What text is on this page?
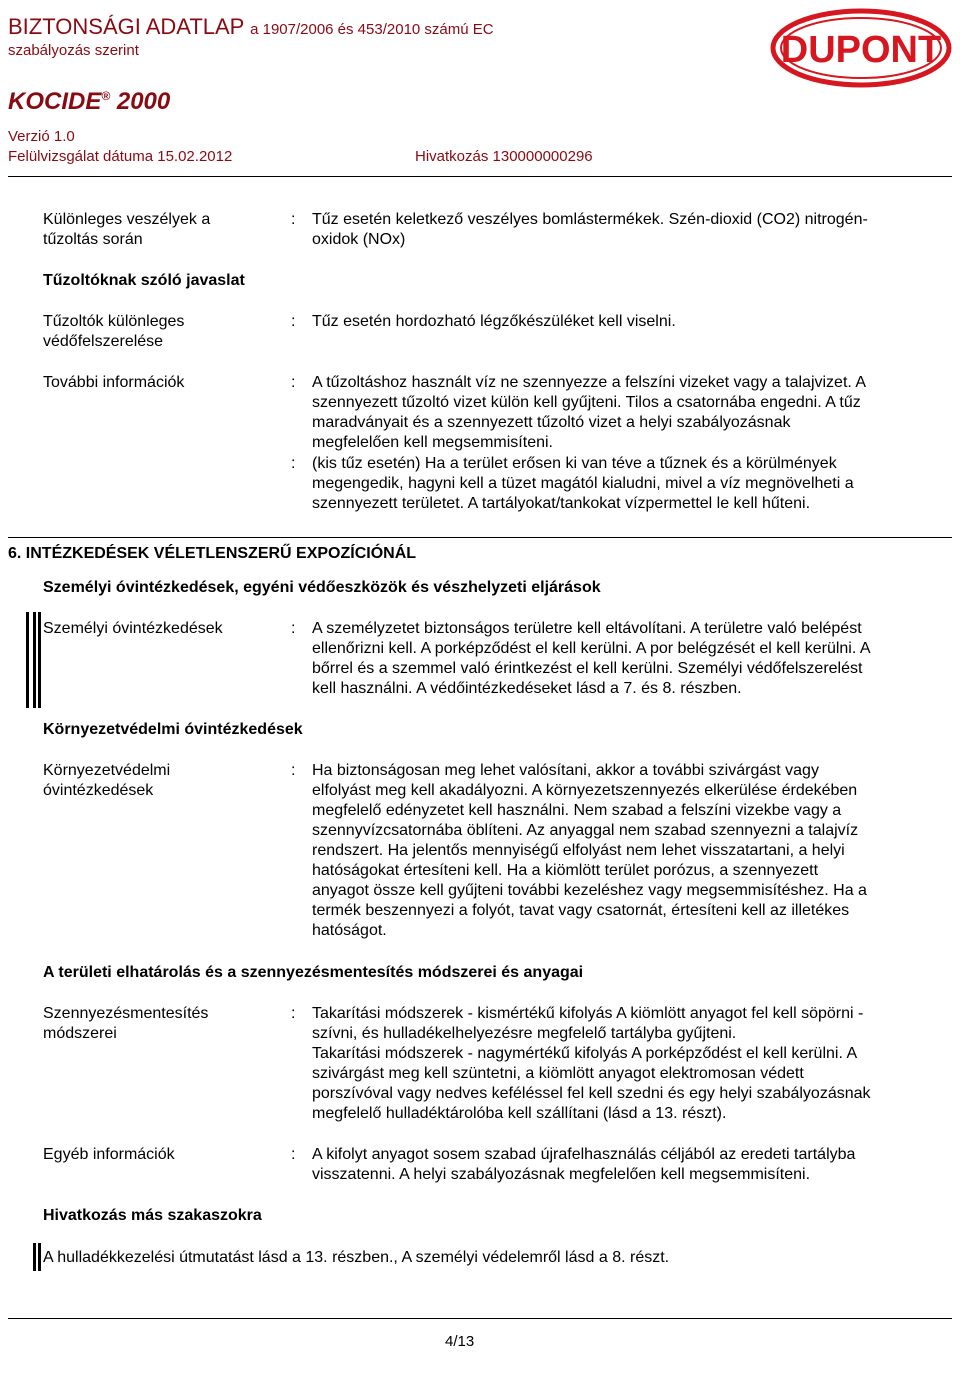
BIZTONSÁGI ADATLAP a 1907/2006 és 453/2010 számú EC
szabályozás szerint
KOCIDE® 2000
Verzió 1.0
Felülvizsgálat dátuma 15.02.2012	Hivatkozás 130000000296
DUPONT
Különleges veszélyek a
tűzoltás során
: Tűz esetén keletkező veszélyes bomlástermékek. Szén-dioxid (CO2) nitrogén-
oxidok (NOx)
Tűzoltóknak szóló javaslat
Tűzoltók különleges
védőfelszerelése
: Tűz esetén hordozható légzőkészüléket kell viselni.
További információk	: A tűzoltáshoz használt víz ne szennyezze a felszíni vizeket vagy a talajvizet. A
szennyezett tűzoltó vizet külön kell gyűjteni. Tilos a csatornába engedni. A tűz
maradványait és a szennyezett tűzoltó vizet a helyi szabályozásnak
megfelelően kell megsemmisíteni.
: (kis tűz esetén) Ha a terület erősen ki van téve a tűznek és a körülmények
megengedik, hagyni kell a tüzet magától kialudni, mivel a víz megnövelheti a
szennyezett területet. A tartályokat/tankokat vízpermettel le kell hűteni.
6. INTÉZKEDÉSEK VÉLETLENSZERŰ EXPOZÍCIÓNÁL
Személyi óvintézkedések, egyéni védőeszközök és vészhelyzeti eljárások
Személyi óvintézkedések	: A személyzetet biztonságos területre kell eltávolítani. A területre való belépést
ellenőrizni kell. A porképződést el kell kerülni. A por belégzését el kell kerülni. A
bőrrel és a szemmel való érintkezést el kell kerülni. Személyi védőfelszerelést
kell használni. A védőintézkedéseket lásd a 7. és 8. részben.
Környezetvédelmi óvintézkedések
Környezetvédelmi
óvintézkedések
: Ha biztonságosan meg lehet valósítani, akkor a további szivárgást vagy
elfolyást meg kell akadályozni. A környezetszennyezés elkerülése érdekében
megfelelő edényzetet kell használni. Nem szabad a felszíni vizekbe vagy a
szennyvízcsatornába öblíteni. Az anyaggal nem szabad szennyezni a talajvíz
rendszert. Ha jelentős mennyiségű elfolyást nem lehet visszatartani, a helyi
hatóságokat értesíteni kell. Ha a kiömlött terület porózus, a szennyezett
anyagot össze kell gyűjteni további kezeléshez vagy megsemmisítéshez. Ha a
termék beszennyezi a folyót, tavat vagy csatornát, értesíteni kell az illetékes
hatóságot.
A területi elhatárolás és a szennyezésmentesítés módszerei és anyagai
Szennyezésmentesítés
módszerei
: Takarítási módszerek - kismértékű kifolyás A kiömlött anyagot fel kell söpörni -
szívni, és hulladékelhelyezésre megfelelő tartályba gyűjteni.
Takarítási módszerek - nagymértékű kifolyás A porképződést el kell kerülni. A
szivárgást meg kell szüntetni, a kiömlött anyagot elektromosan védett
porszívóval vagy nedves keféléssel fel kell szedni és egy helyi szabályozásnak
megfelelő hulladéktárolóba kell szállítani (lásd a 13. részt).
Egyéb információk	: A kifolyt anyagot sosem szabad újrafelhasználás céljából az eredeti tartályba
visszatenni. A helyi szabályozásnak megfelelően kell megsemmisíteni.
Hivatkozás más szakaszokra
A hulladékkezelési útmutatást lásd a 13. részben., A személyi védelemről lásd a 8. részt.
4/13
